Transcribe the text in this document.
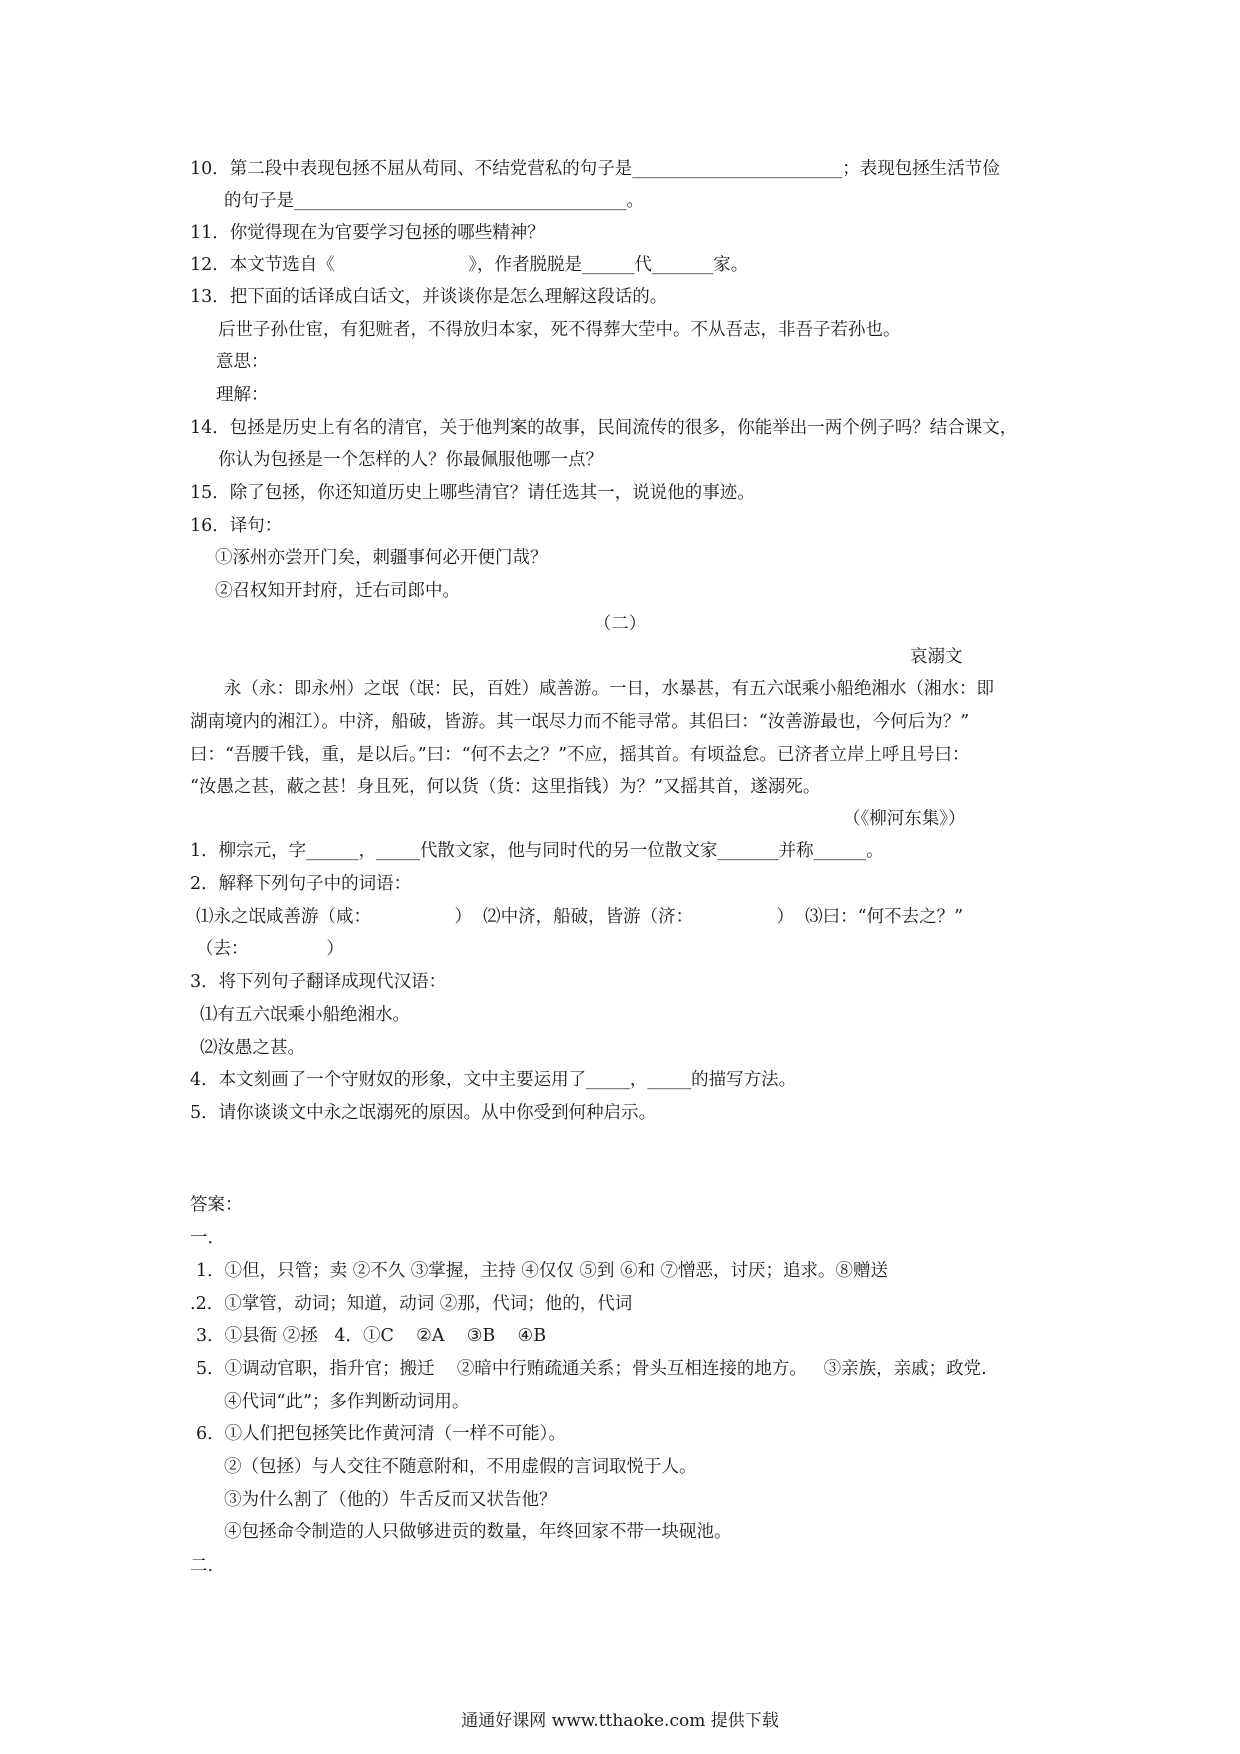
10．第二段中表现包拯不屈从苟同、不结党营私的句子是________________________；表现包拯生活节俭
的句子是______________________________________。
11．你觉得现在为官要学习包拯的哪些精神？
12．本文节选自《                        》，作者脱脱是______代_______家。
13．把下面的话译成白话文，并谈谈你是怎么理解这段话的。
后世子孙仕宦，有犯赃者，不得放归本家，死不得葬大茔中。不从吾志，非吾子若孙也。
意思：
理解：
14．包拯是历史上有名的清官，关于他判案的故事，民间流传的很多，你能举出一两个例子吗？结合课文，
你认为包拯是一个怎样的人？你最佩服他哪一点？
15．除了包拯，你还知道历史上哪些清官？请任选其一，说说他的事迹。
16．译句：
①涿州亦尝开门矣，刺疆事何必开便门哉？
②召权知开封府，迁右司郎中。
（二）
哀溺文
永（永：即永州）之氓（氓：民，百姓）咸善游。一日，水暴甚，有五六氓乘小船绝湘水（湘水：即
湖南境内的湘江）。中济，船破，皆游。其一氓尽力而不能寻常。其侣曰：“汝善游最也，今何后为？”
曰：“吾腰千钱，重，是以后。”曰：“何不去之？”不应，摇其首。有顷益怠。已济者立岸上呼且号曰：
“汝愚之甚，蔽之甚！身且死，何以货（货：这里指钱）为？”又摇其首，遂溺死。
（《柳河东集》）
1．柳宗元，字______，_____代散文家，他与同时代的另一位散文家_______并称______。
2．解释下列句子中的词语：
⑴永之氓咸善游（咸：               ）  ⑵中济，船破，皆游（济：               ）  ⑶曰：“何不去之？”
（去：              ）
3．将下列句子翻译成现代汉语：
⑴有五六氓乘小船绝湘水。
⑵汝愚之甚。
4．本文刻画了一个守财奴的形象，文中主要运用了_____，_____的描写方法。
5．请你谈谈文中永之氓溺死的原因。从中你受到何种启示。
答案：
一．
1．①但，只管；卖 ②不久 ③掌握，主持 ④仅仅 ⑤到 ⑥和 ⑦憎恶，讨厌；追求。⑧赠送
.2．①掌管，动词；知道，动词 ②那，代词；他的，代词
3．①县衙 ②拯   4．①C    ②A    ③B    ④B
5．①调动官职，指升官；搬迁    ②暗中行贿疏通关系；骨头互相连接的地方。   ③亲族，亲戚；政党.
④代词“此”；多作判断动词用。
6．①人们把包拯笑比作黄河清（一样不可能）。
②（包拯）与人交往不随意附和，不用虚假的言词取悦于人。
③为什么割了（他的）牛舌反而又状告他？
④包拯命令制造的人只做够进贡的数量，年终回家不带一块砚池。
二.
通通好课网 www.tthaoke.com 提供下载
